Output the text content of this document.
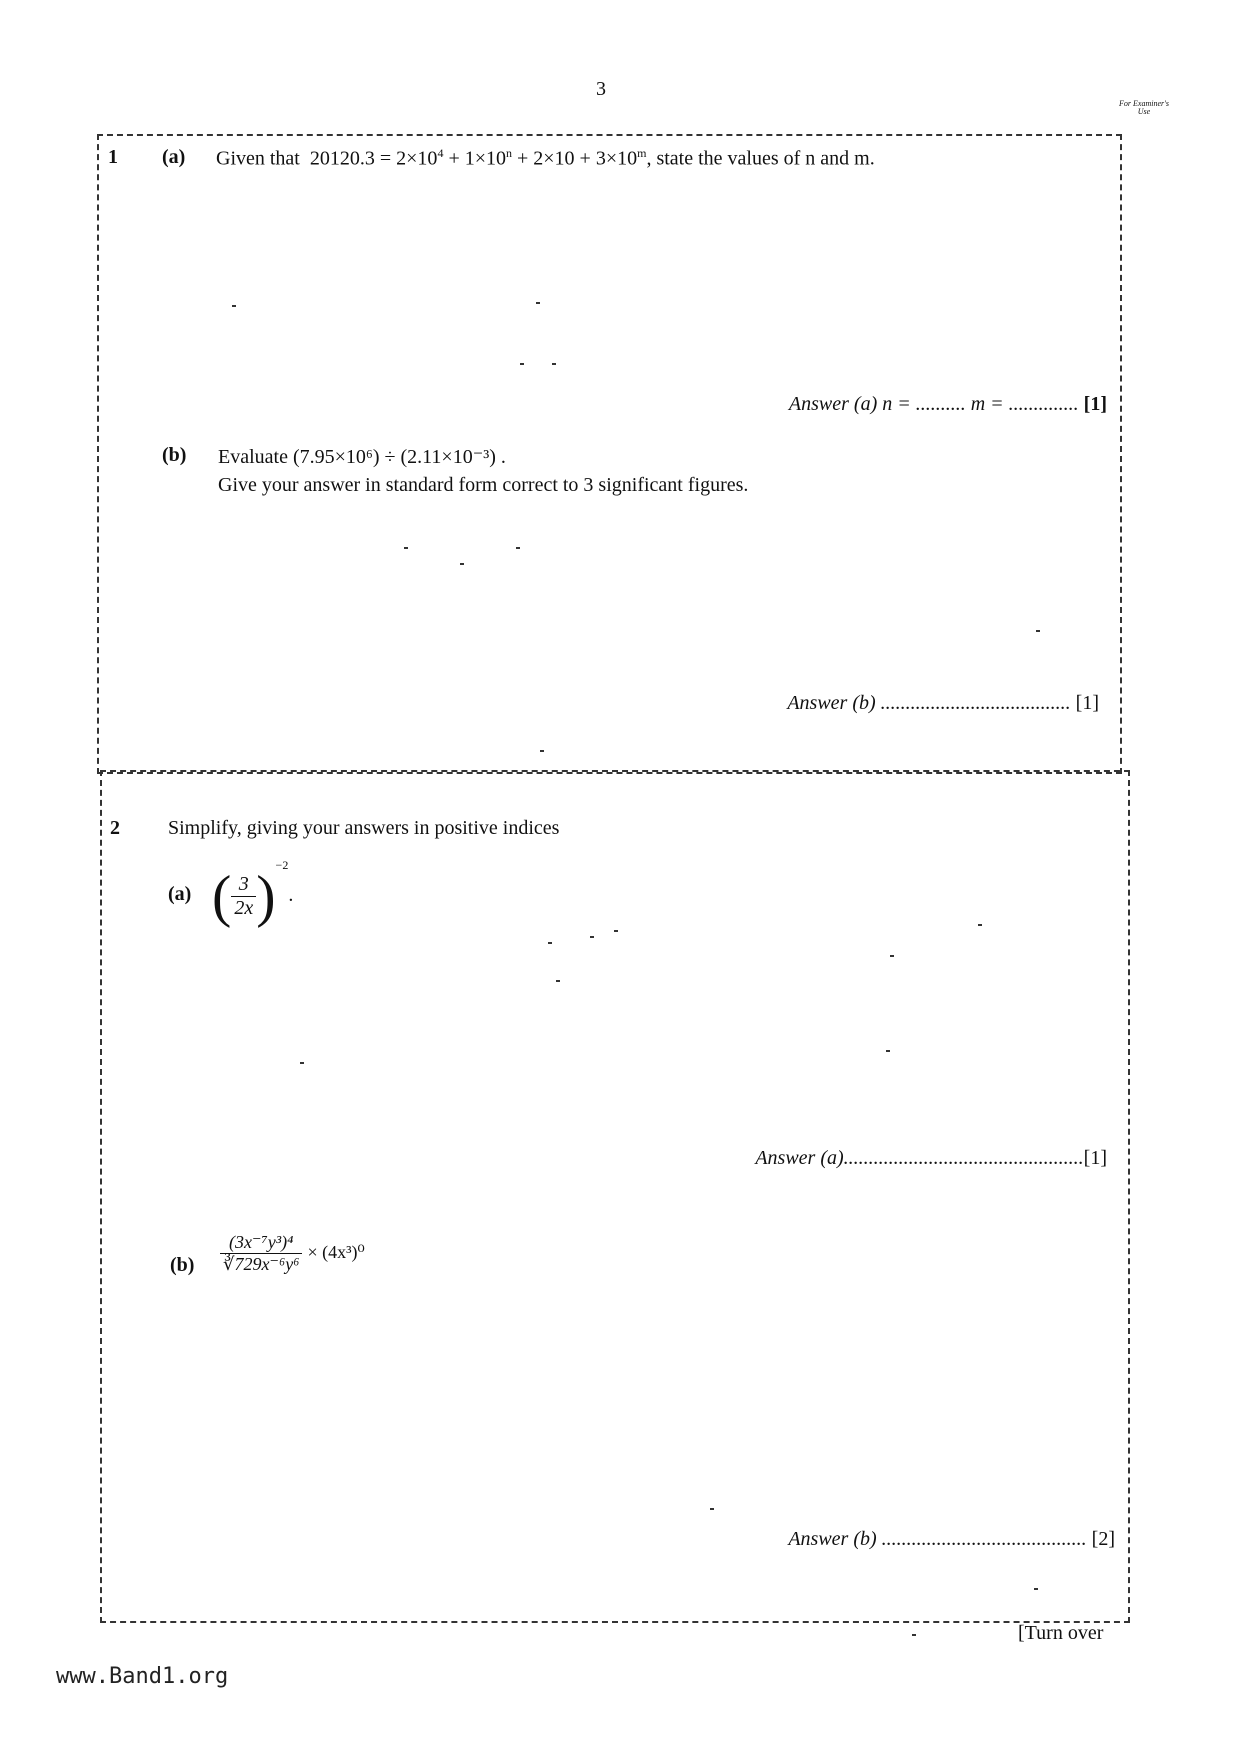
3
For Examiner's Use
1 (a) Given that $20120.3 = 2\times 10^4 + 1\times 10^n + 2\times 10 + 3\times 10^m$, state the values of n and m.
Answer (a) n = .......... m = .............. [1]
(b) Evaluate (7.95×10⁶) ÷ (2.11×10⁻³) .
Give your answer in standard form correct to 3 significant figures.
Answer (b) ...................................... [1]
2 Simplify, giving your answers in positive indices
(a) ( $\frac{3}{2x} )^{-2}$.
Answer (a)................................................[1]
$(b) \frac{\text{(3x⁻⁷y³)⁴}}{\text{∛729x⁻⁶y⁶}} \times (4x^3)^0$
Answer (b) ......................................... [2]
[Turn over
www.Band1.org
